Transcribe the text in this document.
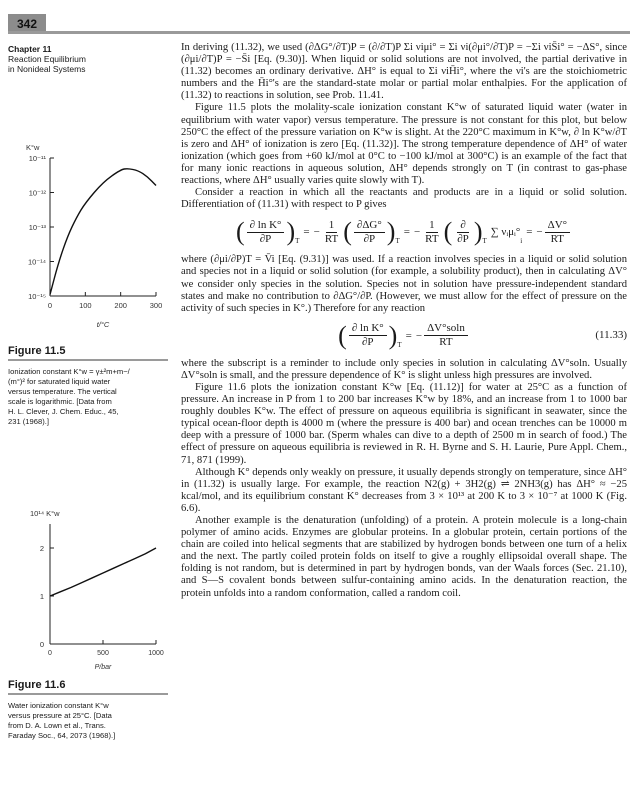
342
Chapter 11
Reaction Equilibrium
in Nonideal Systems
K°w
10⁻¹¹
10⁻¹²
10⁻¹³
10⁻¹⁴
10⁻¹⁵
0	100	200	300
t/°C
Figure 11.5
Ionization constant K°w = γ±²m+m−/
(m°)² for saturated liquid water
versus temperature. The vertical
scale is logarithmic. [Data from
H. L. Clever, J. Chem. Educ., 45,
231 (1968).]
10¹⁴ K°w
2
1
0
0	500	1000
P/bar
Figure 11.6
Water ionization constant K°w
versus pressure at 25°C. [Data
from D. A. Lown et al., Trans.
Faraday Soc., 64, 2073 (1968).]

In deriving (11.32), we used (∂ΔG°/∂T)P = (∂/∂T)P Σi νiμi° = Σi νi(∂μi°/∂T)P = −Σi νiS̄i° = −ΔS°, since (∂μi/∂T)P = −S̄i [Eq. (9.30)]. When liquid or solid solutions are not involved, the partial derivative in (11.32) becomes an ordinary derivative. ΔH° is equal to Σi νiH̄i°, where the νi's are the stoichiometric numbers and the H̄i°'s are the standard-state molar or partial molar enthalpies. For the application of (11.32) to reactions in solution, see Prob. 11.41.

Figure 11.5 plots the molality-scale ionization constant K°w of saturated liquid water (water in equilibrium with water vapor) versus temperature. The pressure is not constant for this plot, but below 250°C the effect of the pressure variation on K°w is slight. At the 220°C maximum in K°w, ∂ ln K°w/∂T is zero and ΔH° of ionization is zero [Eq. (11.32)]. The strong temperature dependence of ΔH° of water ionization (which goes from +60 kJ/mol at 0°C to −100 kJ/mol at 300°C) is an example of the fact that for many ionic reactions in aqueous solution, ΔH° depends strongly on T (in contrast to gas-phase reactions, where ΔH° usually varies quite slowly with T).

Consider a reaction in which all the reactants and products are in a liquid or solid solution. Differentiation of (11.31) with respect to P gives

( $\frac{\text{∂ ln K°}}{\partial P}$ ) T
= − $\frac{1}{RT}$ ( $\frac{\partial\Delta G^\circ}{\partial P}$ ) T
= − $\frac{1}{RT}$ ( $\frac{\partial}{\partial P}$ ) T
∑ νᵢμᵢ°
i
= − $\frac{\Delta V^\circ}{RT}$

where (∂μi/∂P)T = V̄i [Eq. (9.31)] was used. If a reaction involves species in a liquid or solid solution and species not in a liquid or solid solution (for example, a solubility product), then in calculating ΔV° we consider only species in the solution. Species not in solution have pressure-independent standard states and make no contribution to ∂ΔG°/∂P. (However, we must allow for the effect of pressure on the activity of such species in K°.) Therefore for any reaction

( $\frac{\text{∂ ln K°}}{\partial P}$ ) T
= − $\frac{\Delta V^\circ soln}{RT}$	(11.33)

where the subscript is a reminder to include only species in solution in calculating ΔV°soln. Usually ΔV°soln is small, and the pressure dependence of K° is slight unless high pressures are involved.

Figure 11.6 plots the ionization constant K°w [Eq. (11.12)] for water at 25°C as a function of pressure. An increase in P from 1 to 200 bar increases K°w by 18%, and an increase from 1 to 1000 bar roughly doubles K°w. The effect of pressure on aqueous equilibria is significant in seawater, since the typical ocean-floor depth is 4000 m (where the pressure is 400 bar) and ocean trenches can be 10000 m deep with a pressure of 1000 bar. (Sperm whales can dive to a depth of 2500 m in search of food.) The effect of pressure on aqueous equilibria is reviewed in R. H. Byrne and S. H. Laurie, Pure Appl. Chem., 71, 871 (1999).

Although K° depends only weakly on pressure, it usually depends strongly on temperature, since ΔH° in (11.32) is usually large. For example, the reaction N2(g) + 3H2(g) ⇌ 2NH3(g) has ΔH° ≈ −25 kcal/mol, and its equilibrium constant K° decreases from 3 × 10¹³ at 200 K to 3 × 10⁻⁷ at 1000 K (Fig. 6.6).

Another example is the denaturation (unfolding) of a protein. A protein molecule is a long-chain polymer of amino acids. Enzymes are globular proteins. In a globular protein, certain portions of the chain are coiled into helical segments that are stabilized by hydrogen bonds between one turn of a helix and the next. The partly coiled protein folds on itself to give a roughly ellipsoidal overall shape. The folding is not random, but is determined in part by hydrogen bonds, van der Waals forces (Sec. 21.10), and S—S covalent bonds between sulfur-containing amino acids. In the denaturation reaction, the protein unfolds into a random conformation, called a random coil.
